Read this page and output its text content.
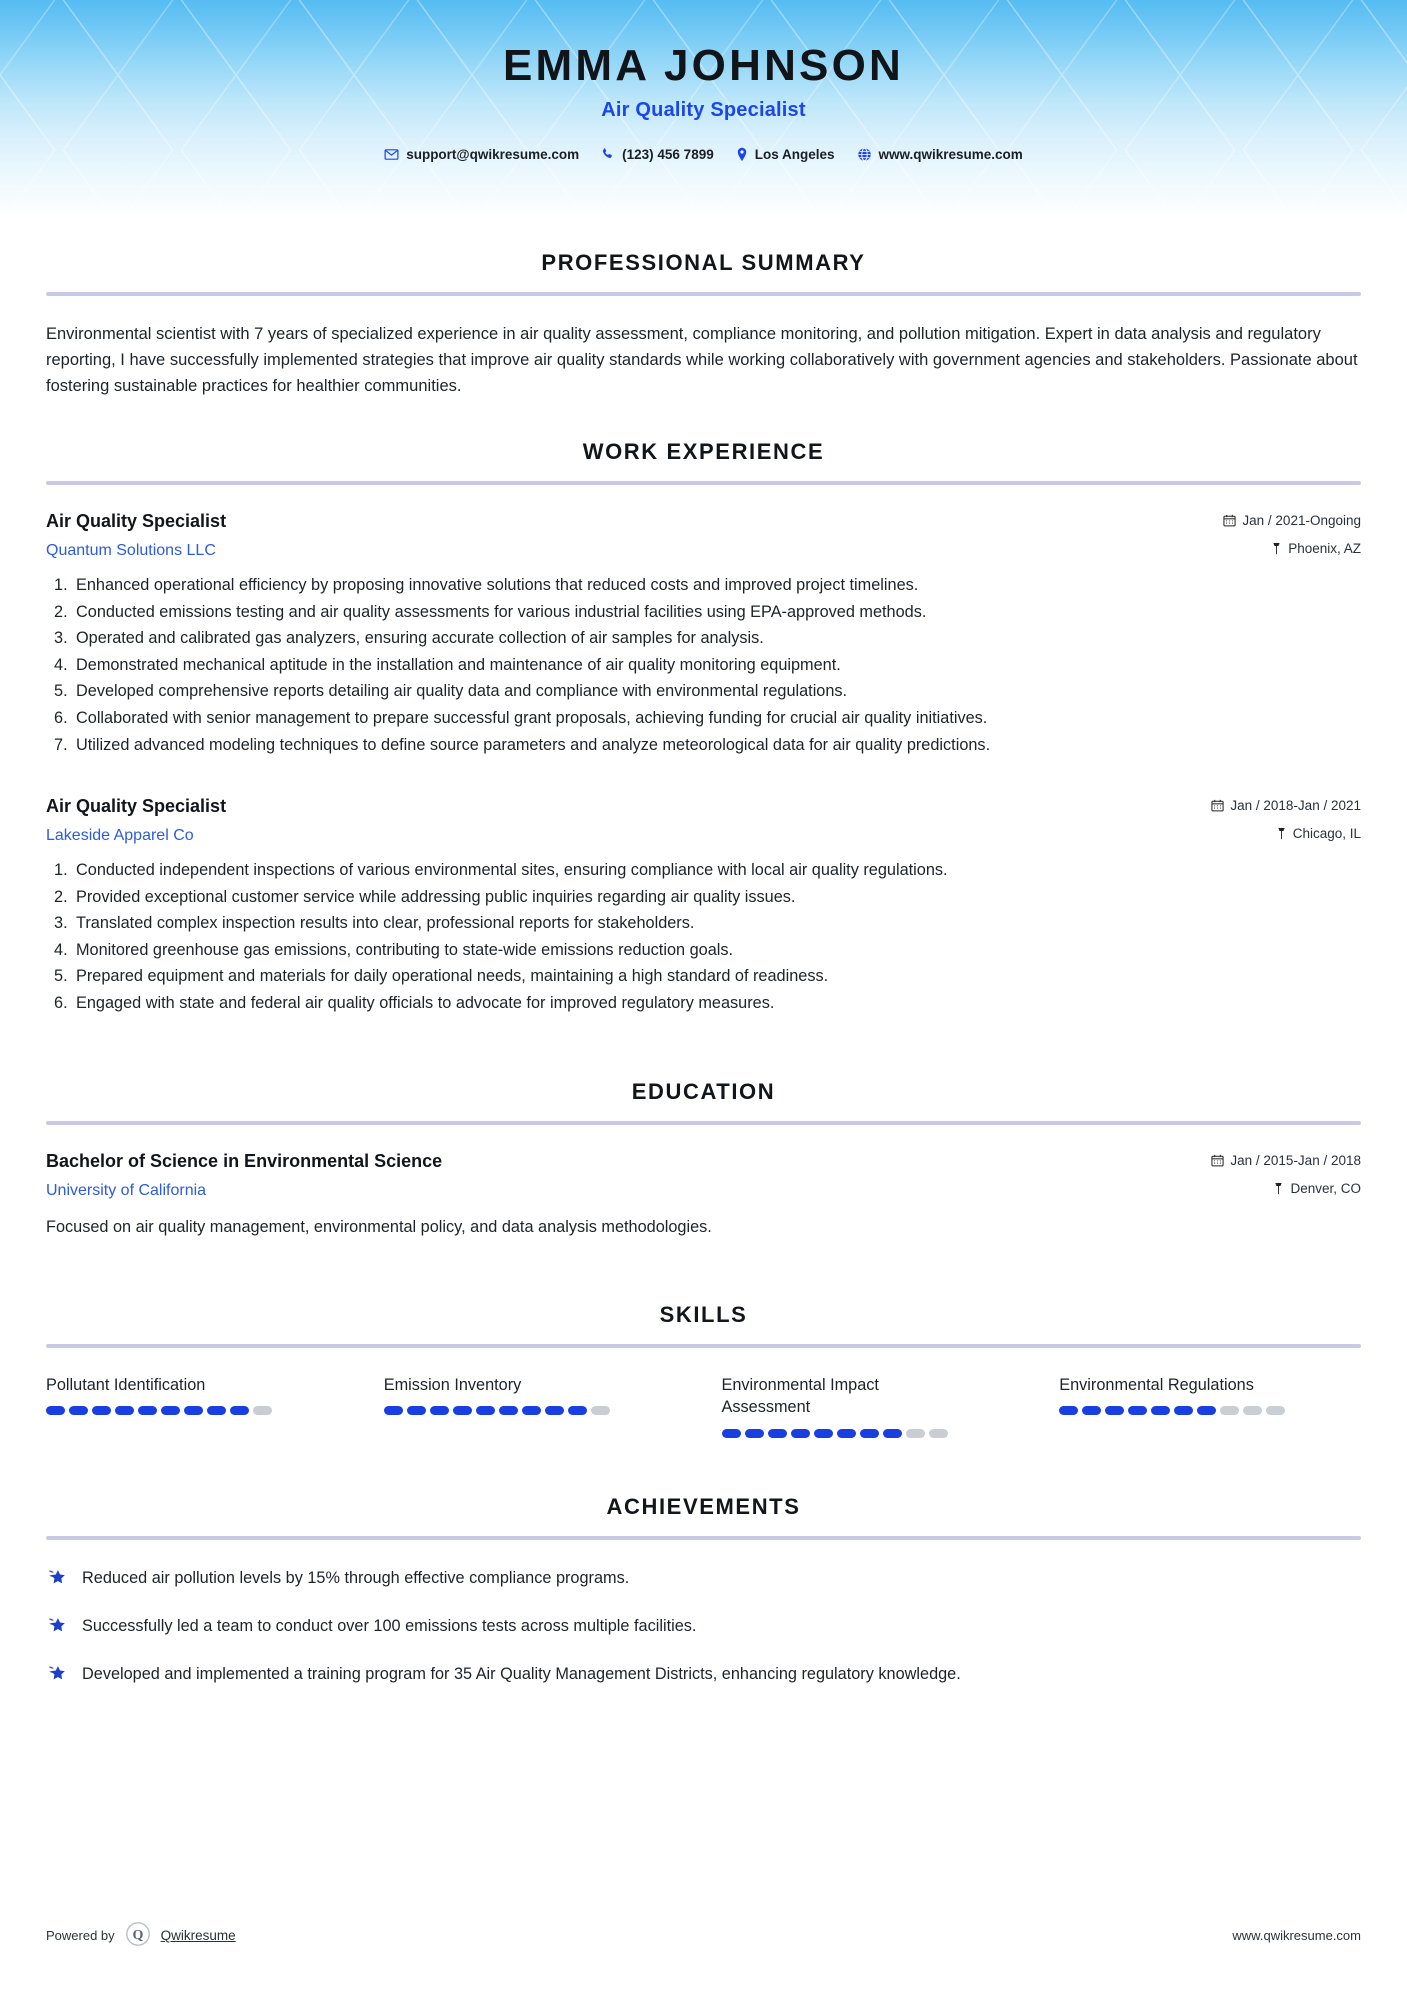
EMMA JOHNSON
Air Quality Specialist
support@qwikresume.com	(123) 456 7899	Los Angeles	www.qwikresume.com
PROFESSIONAL SUMMARY

Environmental scientist with 7 years of specialized experience in air quality assessment, compliance monitoring, and pollution mitigation. Expert in data analysis and regulatory reporting, I have successfully implemented strategies that improve air quality standards while working collaboratively with government agencies and stakeholders. Passionate about fostering sustainable practices for healthier communities.

WORK EXPERIENCE
Air Quality Specialist	Jan / 2021-Ongoing
Quantum Solutions LLC	Phoenix, AZ
Enhanced operational efficiency by proposing innovative solutions that reduced costs and improved project timelines.
Conducted emissions testing and air quality assessments for various industrial facilities using EPA-approved methods.
Operated and calibrated gas analyzers, ensuring accurate collection of air samples for analysis.
Demonstrated mechanical aptitude in the installation and maintenance of air quality monitoring equipment.
Developed comprehensive reports detailing air quality data and compliance with environmental regulations.
Collaborated with senior management to prepare successful grant proposals, achieving funding for crucial air quality initiatives.
Utilized advanced modeling techniques to define source parameters and analyze meteorological data for air quality predictions.
Air Quality Specialist	Jan / 2018-Jan / 2021
Lakeside Apparel Co	Chicago, IL
Conducted independent inspections of various environmental sites, ensuring compliance with local air quality regulations.
Provided exceptional customer service while addressing public inquiries regarding air quality issues.
Translated complex inspection results into clear, professional reports for stakeholders.
Monitored greenhouse gas emissions, contributing to state-wide emissions reduction goals.
Prepared equipment and materials for daily operational needs, maintaining a high standard of readiness.
Engaged with state and federal air quality officials to advocate for improved regulatory measures.
EDUCATION
Bachelor of Science in Environmental Science	Jan / 2015-Jan / 2018
University of California	Denver, CO

Focused on air quality management, environmental policy, and data analysis methodologies.

SKILLS
Pollutant Identification	Emission Inventory	Environmental Impact Assessment
Environmental Regulations
ACHIEVEMENTS
Reduced air pollution levels by 15% through effective compliance programs.
Successfully led a team to conduct over 100 emissions tests across multiple facilities.
Developed and implemented a training program for 35 Air Quality Management Districts, enhancing regulatory knowledge.
Powered by Q Qwikresume	www.qwikresume.com
